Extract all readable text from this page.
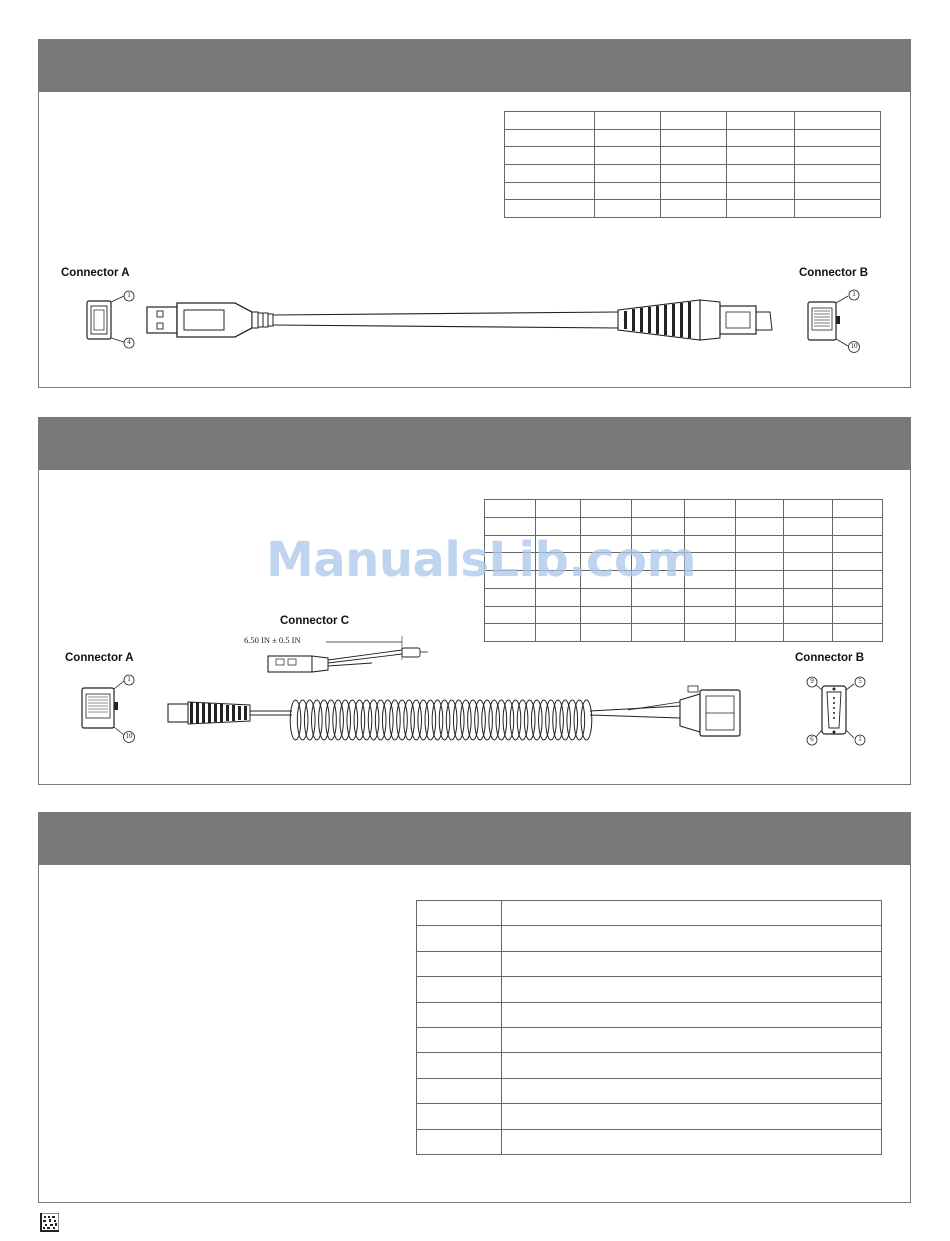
Connector A	Connector B
1
4
1
10

Connector C
6.50 IN ± 0.5 IN
Connector A	Connector B
1
10
9	5
6	1

ManualsLib.com
